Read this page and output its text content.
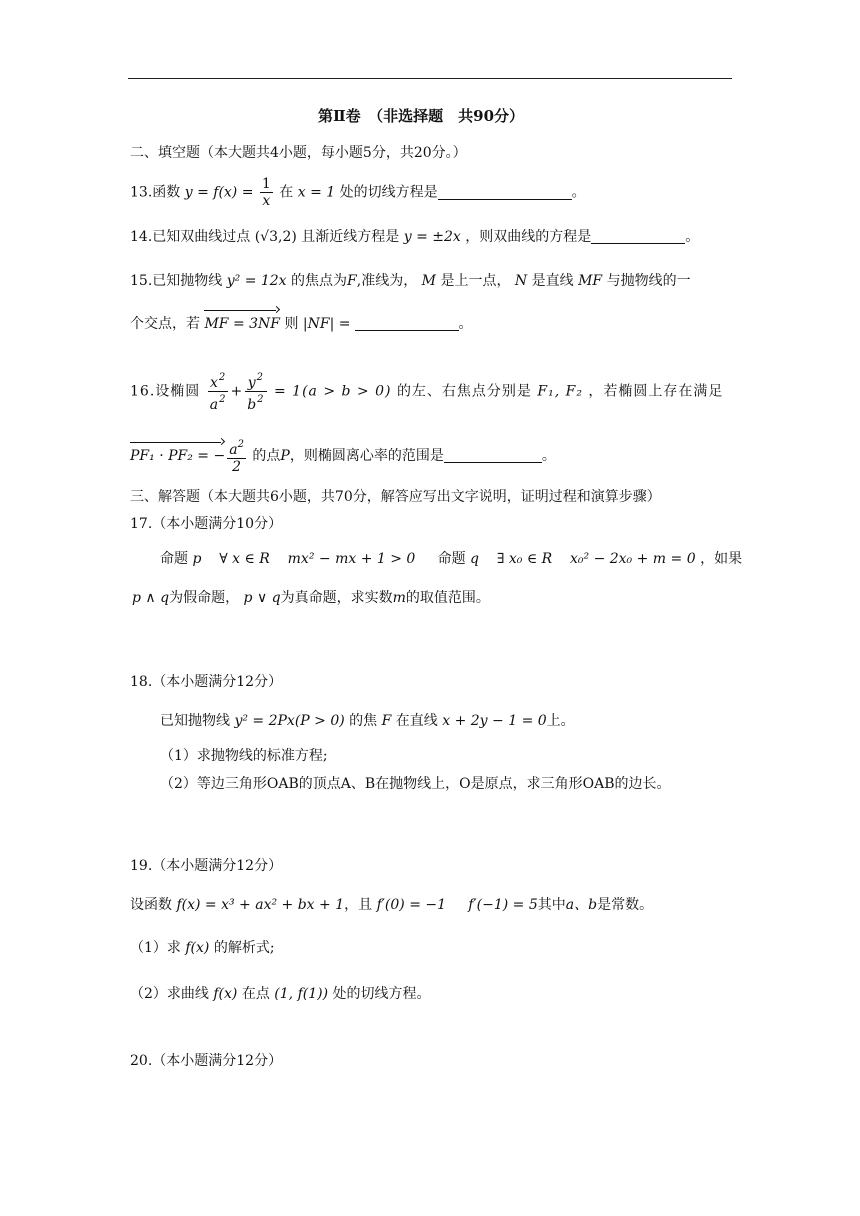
第Ⅱ卷　（非选择题　共90分）
二、填空题（本大题共4小题，每小题5分，共20分。）
13.函数 $y = f(x) = \frac{1}{x}$ 在 x = 1 处的切线方程是	。
14.已知双曲线过点 (√3,2) 且渐近线方程是 y = ±2x ，则双曲线的方程是	。
15.已知抛物线 y² = 12x 的焦点为F,准线为， M 是上一点， N 是直线 MF 与抛物线的一
个交点，若 MF = 3NF 则 |NF| =	。
16.设椭圆 $\frac{x^2}{a^2} + \frac{y^2}{b^2} = 1(a > b > 0)$ 的左、右焦点分别是 F₁, F₂ ，若椭圆上存在满足
PF₁ · PF₂ = − $\frac{a^2}{2}$ 的点P，则椭圆离心率的范围是	。
三、解答题（本大题共6小题，共70分，解答应写出文字说明，证明过程和演算步骤）
17.（本小题满分10分）
命题 p ∀ x ∈ R mx² − mx + 1 > 0 命题 q ∃ x₀ ∈ R x₀² − 2x₀ + m = 0 ，如果
p ∧ q为假命题， p ∨ q为真命题，求实数m的取值范围。
18.（本小题满分12分）
已知抛物线 y² = 2Px(P > 0) 的焦 F 在直线 x + 2y − 1 = 0上。
（1）求抛物线的标准方程;
（2）等边三角形OAB的顶点A、B在抛物线上，O是原点，求三角形OAB的边长。
19.（本小题满分12分）
设函数 f(x) = x³ + ax² + bx + 1，且 f′(0) = −1 f′(−1) = 5其中a、b是常数。
（1）求 f(x) 的解析式;
（2）求曲线 f(x) 在点 (1, f(1)) 处的切线方程。
20.（本小题满分12分）
